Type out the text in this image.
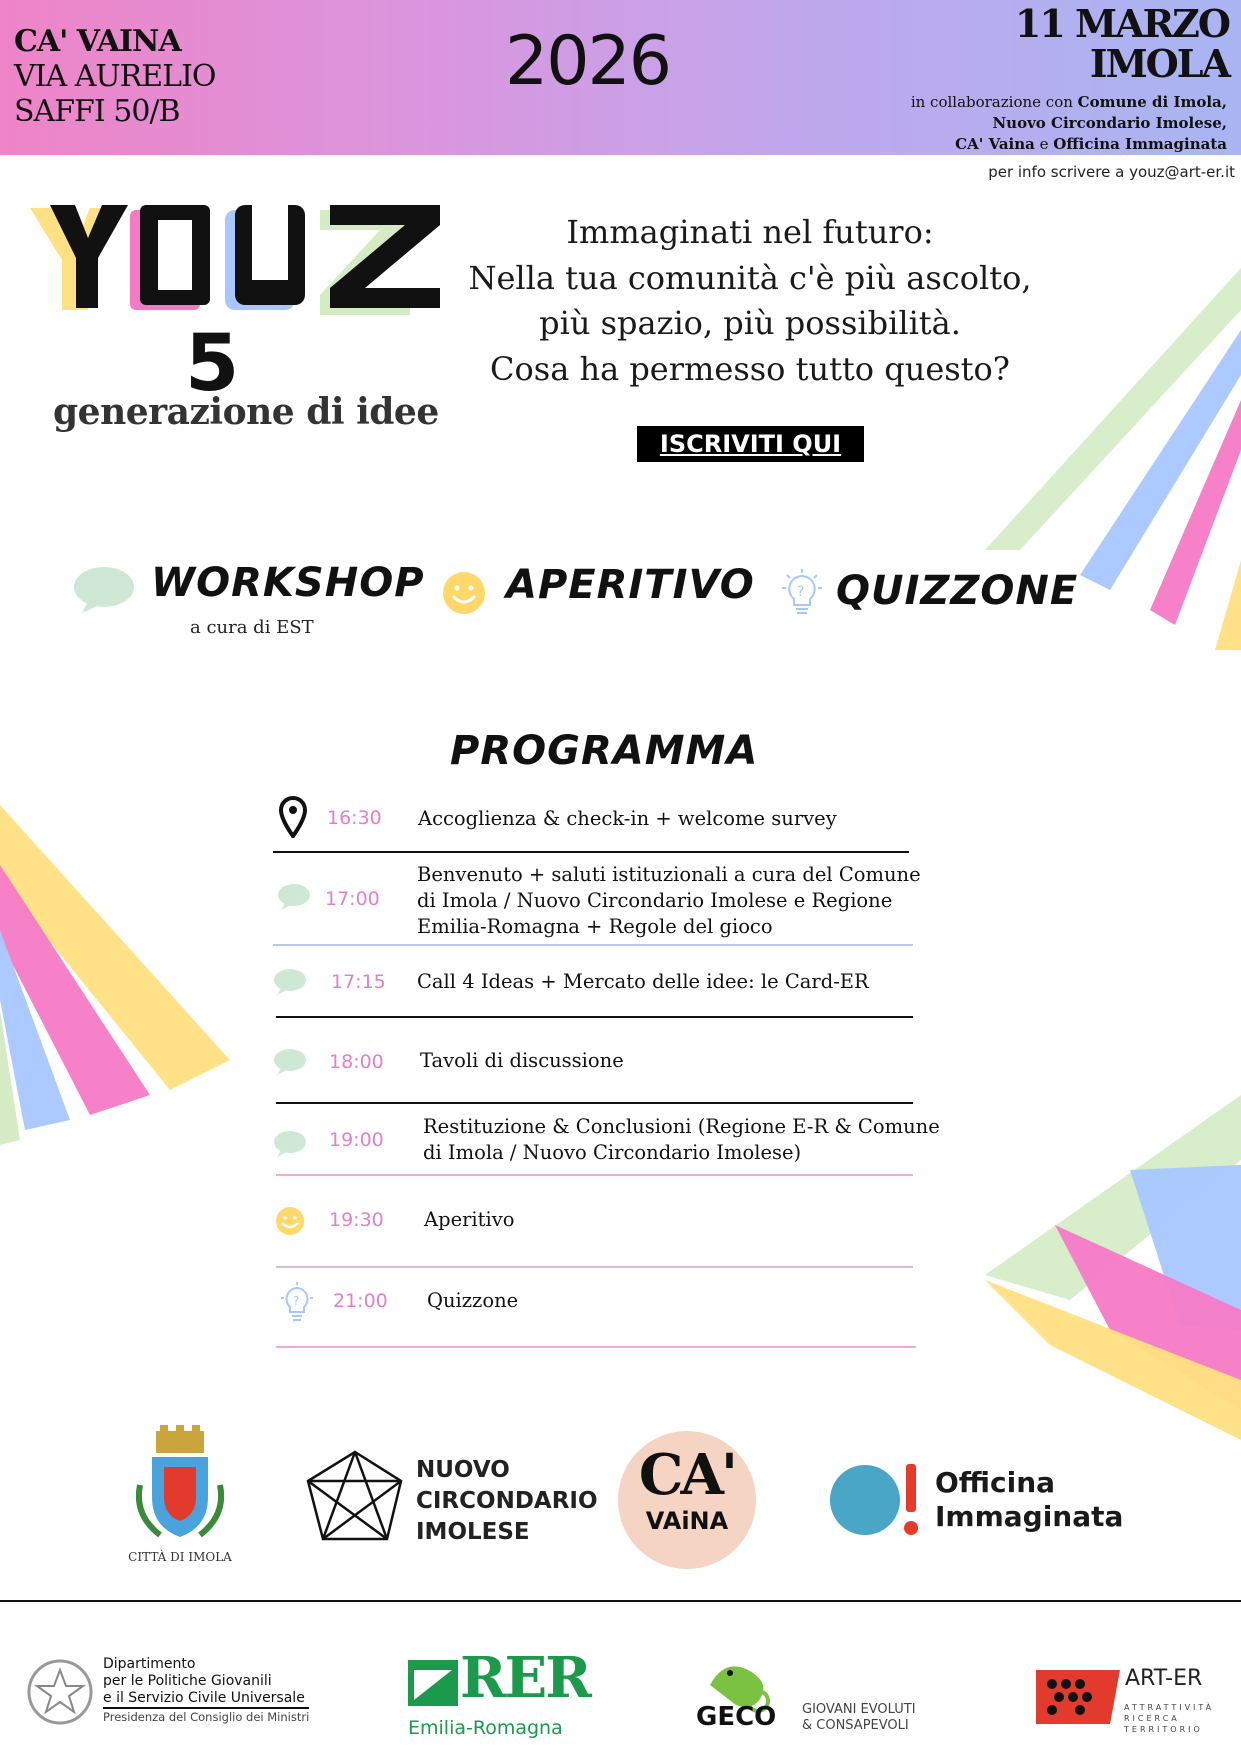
CA' VAINA
VIA AURELIO
SAFFI 50/B
2026	11 MARZO
IMOLA
in collaborazione con Comune di Imola,
Nuovo Circondario Imolese,
CA' Vaina e Officina Immaginata
per info scrivere a youz@art-er.it
5
generazione di idee
Immaginati nel futuro:
Nella tua comunità c'è più ascolto,
più spazio, più possibilità.
Cosa ha permesso tutto questo?
ISCRIVITI QUI
WORKSHOP
a cura di EST
APERITIVO	? QUIZZONE
PROGRAMMA
16:30 Accoglienza & check-in + welcome survey
17:00
Benvenuto + saluti istituzionali a cura del Comune
di Imola / Nuovo Circondario Imolese e Regione
Emilia-Romagna + Regole del gioco
17:15 Call 4 Ideas + Mercato delle idee: le Card-ER
18:00 Tavoli di discussione
19:00
Restituzione & Conclusioni (Regione E-R & Comune
di Imola / Nuovo Circondario Imolese)
19:30 Aperitivo
? 21:00 Quizzone
CITTÀ DI IMOLA
NUOVO
CIRCONDARIO
IMOLESE
CA'
VAiNA
Officina
Immaginata
Dipartimento
per le Politiche Giovanili
e il Servizio Civile Universale
Presidenza del Consiglio dei Ministri
RER
Emilia-Romagna	GECO GIOVANI EVOLUTI
& CONSAPEVOLI
ART-ER
ATTRATTIVITÀ
RICERCA
TERRITORIO
